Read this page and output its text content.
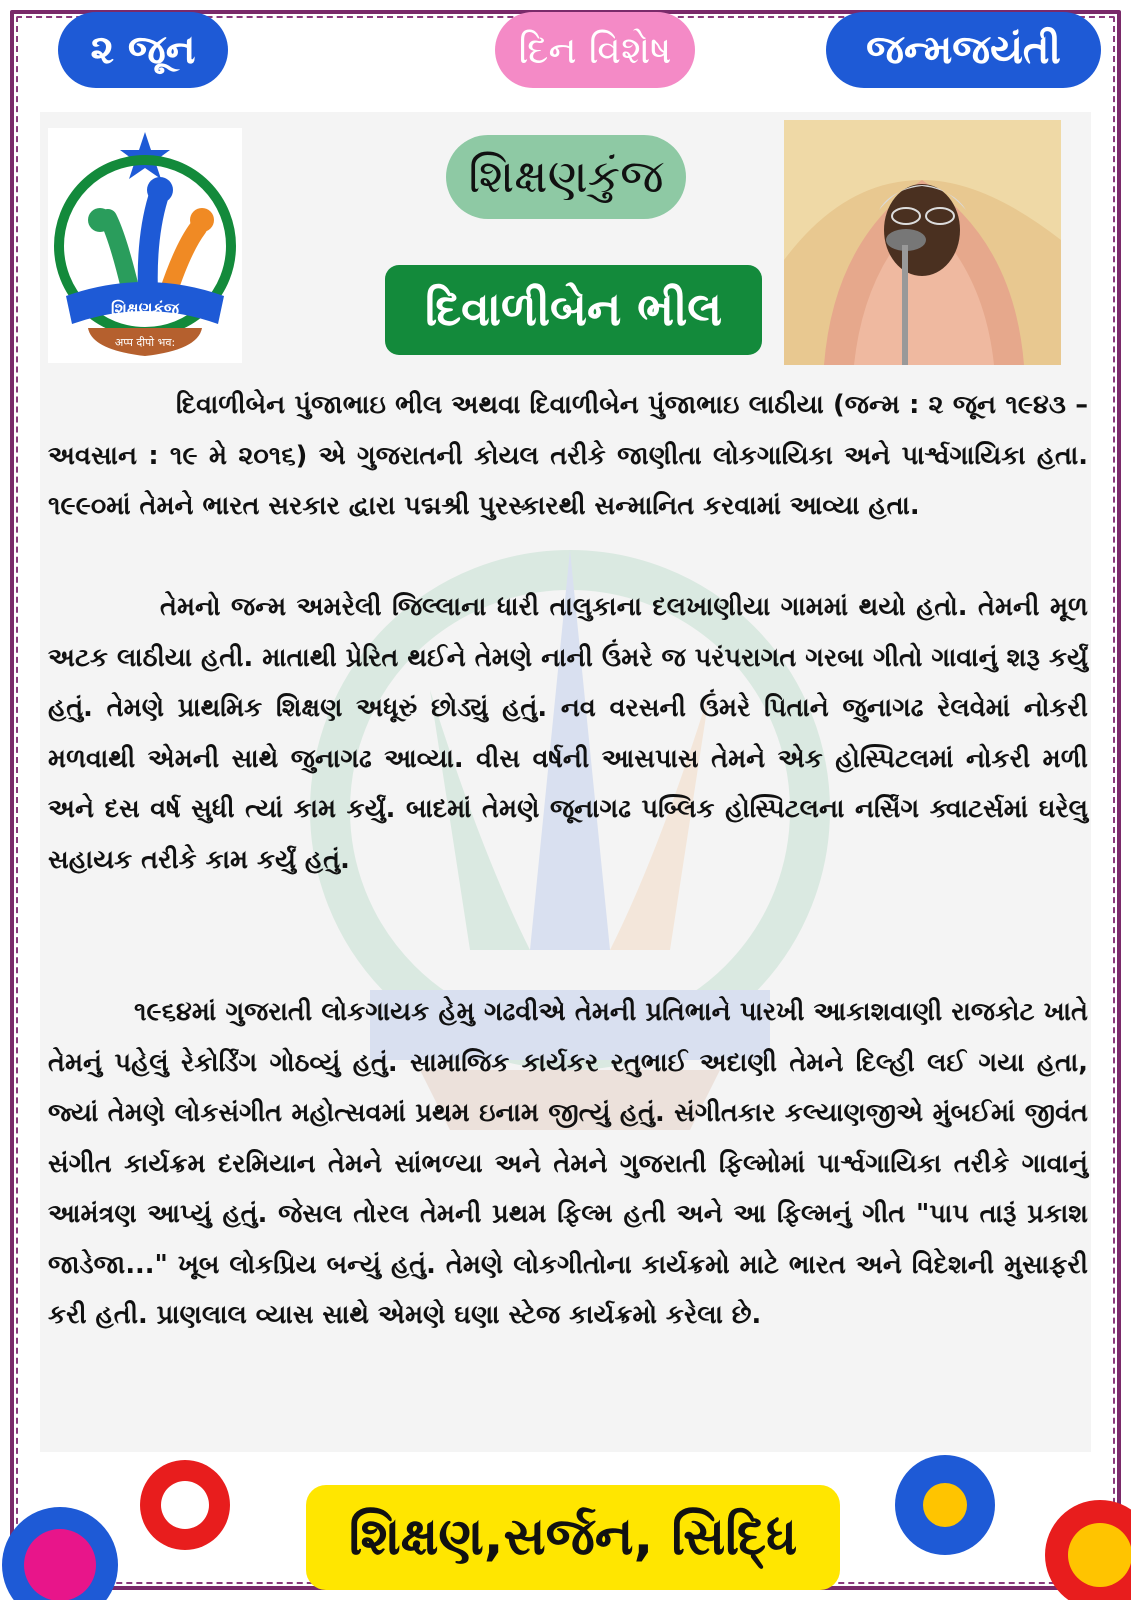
૨ જૂન	દિન વિશેષ	જન્મજયંતી
શિક્ષણકુંજ
अप्प दीपो भव:
શિક્ષણકુંજ
દિવાળીબેન ભીલ
દિવાળીબેન પુંજાભાઇ ભીલ અથવા દિવાળીબેન પુંજાભાઇ લાઠીયા (જન્મ : ૨ જૂન ૧૯૪૩ –અવસાન : ૧૯ મે ૨૦૧૬) એ ગુજરાતની કોયલ તરીકે જાણીતા લોકગાયિકા અને પાર્શ્વગાયિકા હતા. ૧૯૯૦માં તેમને ભારત સરકાર દ્વારા પદ્મશ્રી પુરસ્કારથી સન્માનિત કરવામાં આવ્યા હતા.
તેમનો જન્મ અમરેલી જિલ્લાના ધારી તાલુકાના દલખાણીયા ગામમાં થયો હતો. તેમની મૂળ અટક લાઠીયા હતી. માતાથી પ્રેરિત થઈને તેમણે નાની ઉંમરે જ પરંપરાગત ગરબા ગીતો ગાવાનું શરૂ કર્યું હતું. તેમણે પ્રાથમિક શિક્ષણ અધૂરું છોડ્યું હતું. નવ વરસની ઉંમરે પિતાને જુનાગઢ રેલવેમાં નોકરી મળવાથી એમની સાથે જુનાગઢ આવ્યા. વીસ વર્ષની આસપાસ તેમને એક હોસ્પિટલમાં નોકરી મળી અને દસ વર્ષ સુધી ત્યાં કામ કર્યું. બાદમાં તેમણે જૂનાગઢ પબ્લિક હોસ્પિટલના નર્સિંગ ક્વાટર્સમાં ઘરેલુ સહાયક તરીકે કામ કર્યું હતું.
૧૯૬૪માં ગુજરાતી લોકગાયક હેમુ ગઢવીએ તેમની પ્રતિભાને પારખી આકાશવાણી રાજકોટ ખાતે તેમનું પહેલું રેકોર્ડિંગ ગોઠવ્યું હતું. સામાજિક કાર્યકર રતુભાઈ અદાણી તેમને દિલ્હી લઈ ગયા હતા, જ્યાં તેમણે લોકસંગીત મહોત્સવમાં પ્રથમ ઇનામ જીત્યું હતું. સંગીતકાર કલ્યાણજીએ મુંબઈમાં જીવંત સંગીત કાર્યક્રમ દરમિયાન તેમને સાંભળ્યા અને તેમને ગુજરાતી ફિલ્મોમાં પાર્શ્વગાયિકા તરીકે ગાવાનું આમંત્રણ આપ્યું હતું. જેસલ તોરલ તેમની પ્રથમ ફિલ્મ હતી અને આ ફિલ્મનું ગીત "પાપ તારૂં પ્રકાશ જાડેજા..." ખૂબ લોકપ્રિય બન્યું હતું. તેમણે લોકગીતોના કાર્યક્રમો માટે ભારત અને વિદેશની મુસાફરી કરી હતી. પ્રાણલાલ વ્યાસ સાથે એમણે ઘણા સ્ટેજ કાર્યક્રમો કરેલા છે.
શિક્ષણ,સર્જન, સિદ્ધિ
